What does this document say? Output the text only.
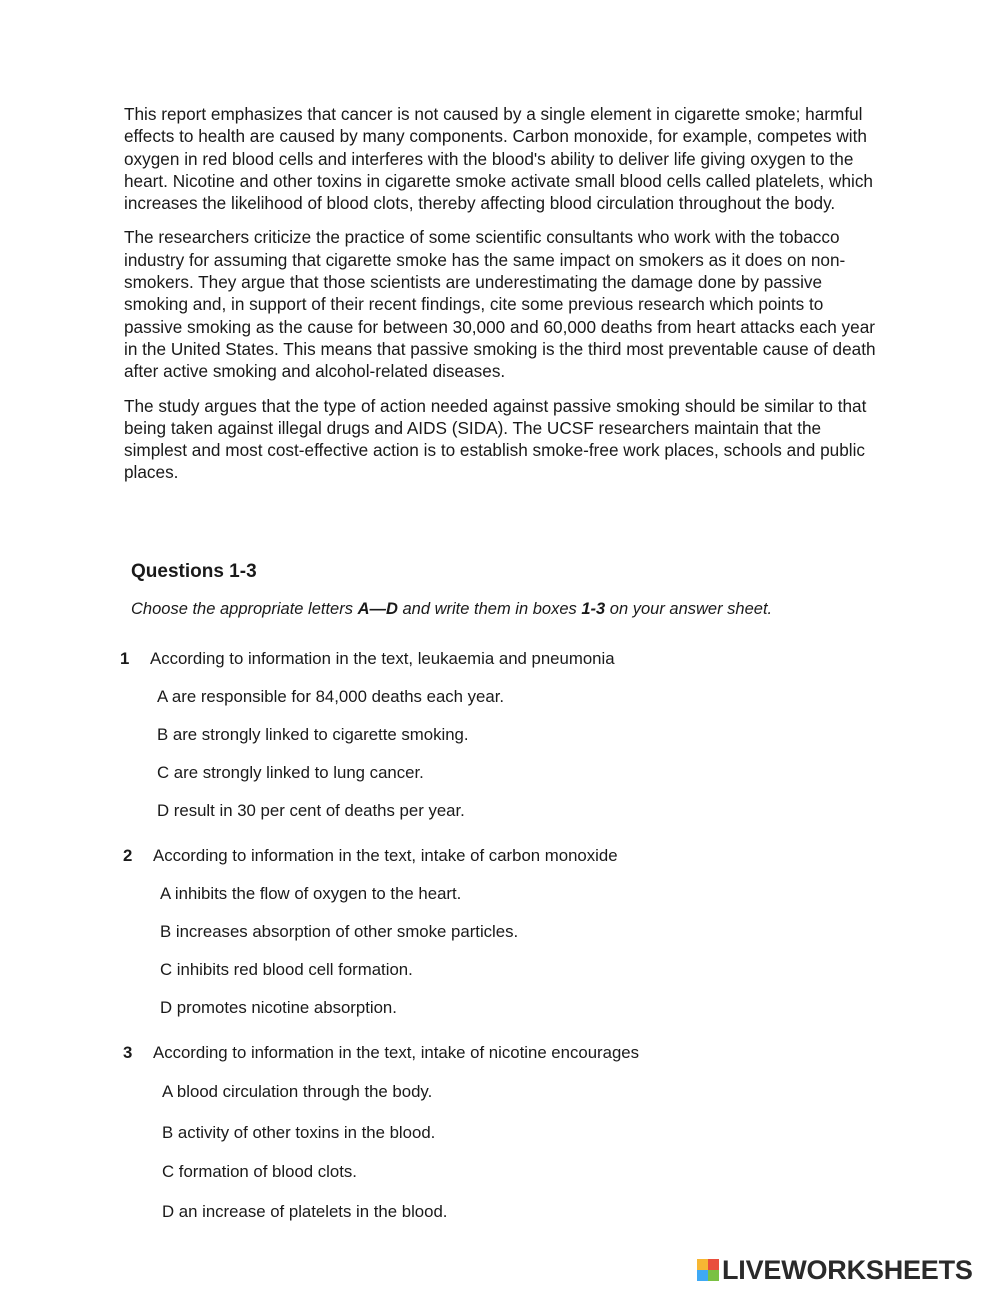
This report emphasizes that cancer is not caused by a single element in cigarette smoke; harmful effects to health are caused by many components. Carbon monoxide, for example, competes with oxygen in red blood cells and interferes with the blood's ability to deliver life giving oxygen to the heart. Nicotine and other toxins in cigarette smoke activate small blood cells called platelets, which increases the likelihood of blood clots, thereby affecting blood circulation throughout the body.

The researchers criticize the practice of some scientific consultants who work with the tobacco industry for assuming that cigarette smoke has the same impact on smokers as it does on non-smokers. They argue that those scientists are underestimating the damage done by passive smoking and, in support of their recent findings, cite some previous research which points to passive smoking as the cause for between 30,000 and 60,000 deaths from heart attacks each year in the United States. This means that passive smoking is the third most preventable cause of death after active smoking and alcohol-related diseases.

The study argues that the type of action needed against passive smoking should be similar to that being taken against illegal drugs and AIDS (SIDA). The UCSF researchers maintain that the simplest and most cost-effective action is to establish smoke-free work places, schools and public places.

Questions 1-3

Choose the appropriate letters A—D and write them in boxes 1-3 on your answer sheet.

1	According to information in the text, leukaemia and pneumonia
A are responsible for 84,000 deaths each year.
B are strongly linked to cigarette smoking.
C are strongly linked to lung cancer.
D result in 30 per cent of deaths per year.
2	According to information in the text, intake of carbon monoxide
A inhibits the flow of oxygen to the heart.
B increases absorption of other smoke particles.
C inhibits red blood cell formation.
D promotes nicotine absorption.
3	According to information in the text, intake of nicotine encourages
A blood circulation through the body.
B activity of other toxins in the blood.
C formation of blood clots.
D an increase of platelets in the blood.
LIVEWORKSHEETS
